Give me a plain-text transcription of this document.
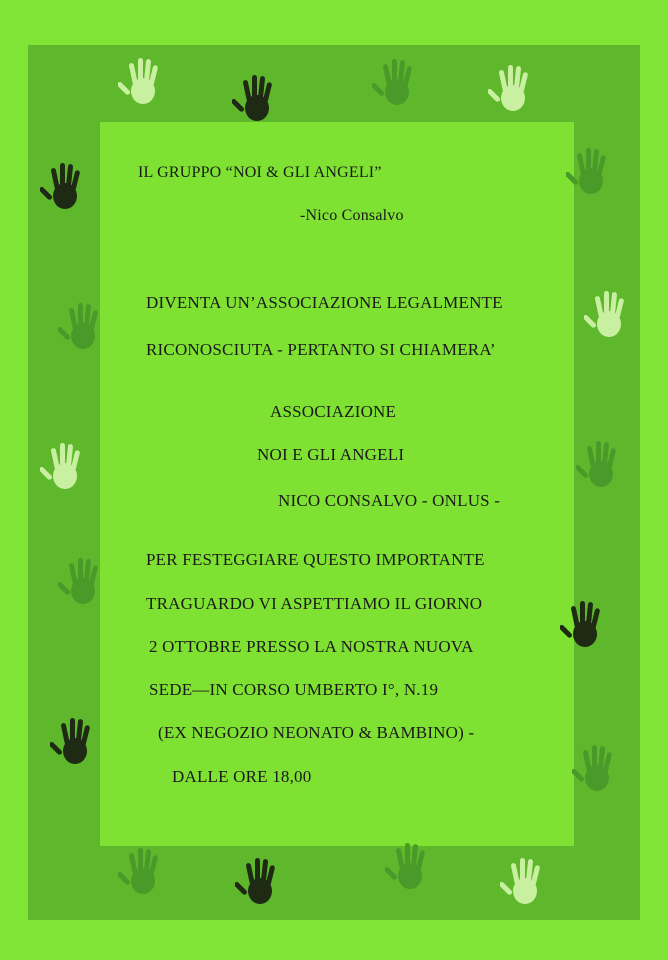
IL GRUPPO “NOI & GLI ANGELI”
-Nico Consalvo
DIVENTA UN’ASSOCIAZIONE LEGALMENTE
RICONOSCIUTA - PERTANTO SI CHIAMERA’
ASSOCIAZIONE
NOI E GLI ANGELI
NICO CONSALVO - ONLUS -
PER FESTEGGIARE QUESTO IMPORTANTE
TRAGUARDO VI ASPETTIAMO IL GIORNO
2 OTTOBRE PRESSO LA NOSTRA NUOVA
SEDE—IN CORSO UMBERTO I°, N.19
(EX NEGOZIO NEONATO & BAMBINO) -
DALLE ORE 18,00
